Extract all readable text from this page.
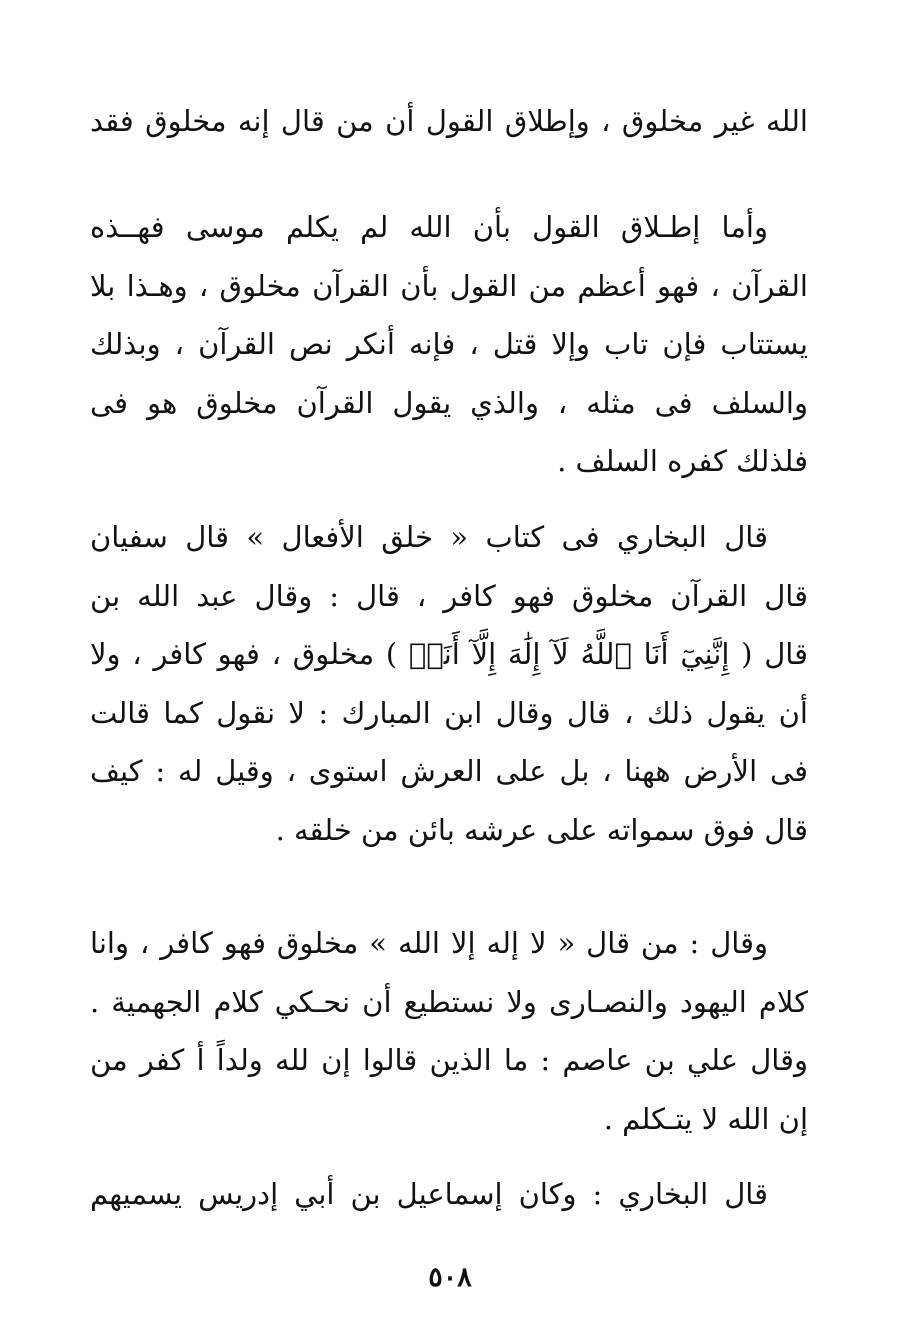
الله غير مخلوق ، وإطلاق القول أن من قال إنه مخلوق فقد
وأما إطـلاق القول بأن الله لم يكلم موسى فهــذه
القرآن ، فهو أعظم من القول بأن القرآن مخلوق ، وهـذا بلا
يستتاب فإن تاب وإلا قتل ، فإنه أنكر نص القرآن ، وبذلك
والسلف فى مثله ، والذي يقول القرآن مخلوق هو فى
فلذلك كفره السلف .
قال البخاري فى كتاب « خلق الأفعال » قال سفيان
قال القرآن مخلوق فهو كافر ، قال : وقال عبد الله بن
قال ( إِنَّنِيٓ أَنَا ٱللَّهُ لَآ إِلَٰهَ إِلَّآ أَنَا۠ ) مخلوق ، فهو كافر ، ولا
أن يقول ذلك ، قال وقال ابن المبارك : لا نقول كما قالت
فى الأرض ههنا ، بل على العرش استوى ، وقيل له : كيف
قال فوق سمواته على عرشه بائن من خلقه .
وقال : من قال « لا إله إلا الله » مخلوق فهو كافر ، وانا
كلام اليهود والنصـارى ولا نستطيع أن نحـكي كلام الجهمية .
وقال علي بن عاصم : ما الذين قالوا إن لله ولداً أ كفر من
إن الله لا يتـكلم .
قال البخاري : وكان إسماعيل بن أبي إدريس يسميهم
٥٠٨
